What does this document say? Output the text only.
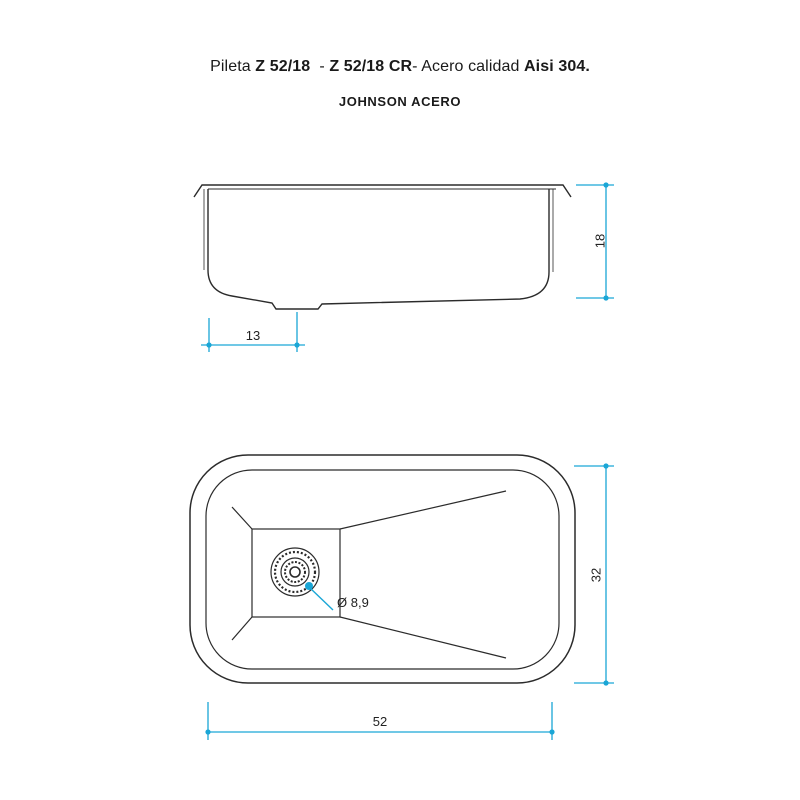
Pileta Z 52/18  - Z 52/18 CR- Acero calidad Aisi 304.
JOHNSON ACERO
18
13
Ø 8,9
32
52
